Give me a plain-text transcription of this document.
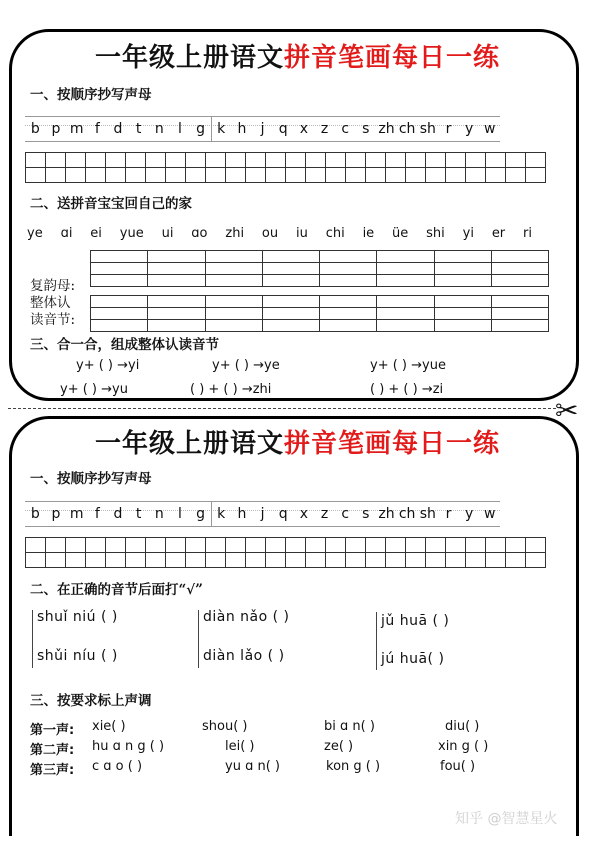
一年级上册语文拼音笔画每日一练
一、按顺序抄写声母
b p m f d t n	l	g k h	j	q x z c s zh ch sh r y w
二、送拼音宝宝回自己的家
ye ɑi ei yue ui ɑo zhi ou iu chi ie üe shi yi er ri
复韵母:
整体认
读音节:
三、合一合，组成整体认读音节
y+ ( ) →yi	y+ ( ) →ye	y+ ( ) →yue
y+ ( ) →yu	( ) + ( ) →zhi	( ) + ( ) →zi
✂
一年级上册语文拼音笔画每日一练
一、按顺序抄写声母
b p m f d t n	l	g k h	j	q x z c s zh ch sh r y w
二、在正确的音节后面打“√”
shuǐ niú ( )
shǔi níu ( )
diàn nǎo ( )
diàn lǎo ( )
jǔ huā ( )
jú huā( )
三、按要求标上声调
第一声: xie( )	shou( )	bi ɑ n( )	diu( )
第二声: hu ɑ n g ( )	lei( )	ze( )	xin g ( )
第三声: c ɑ o ( )	yu ɑ n( )	kon g ( )	fou( )
知乎 @智慧星火
